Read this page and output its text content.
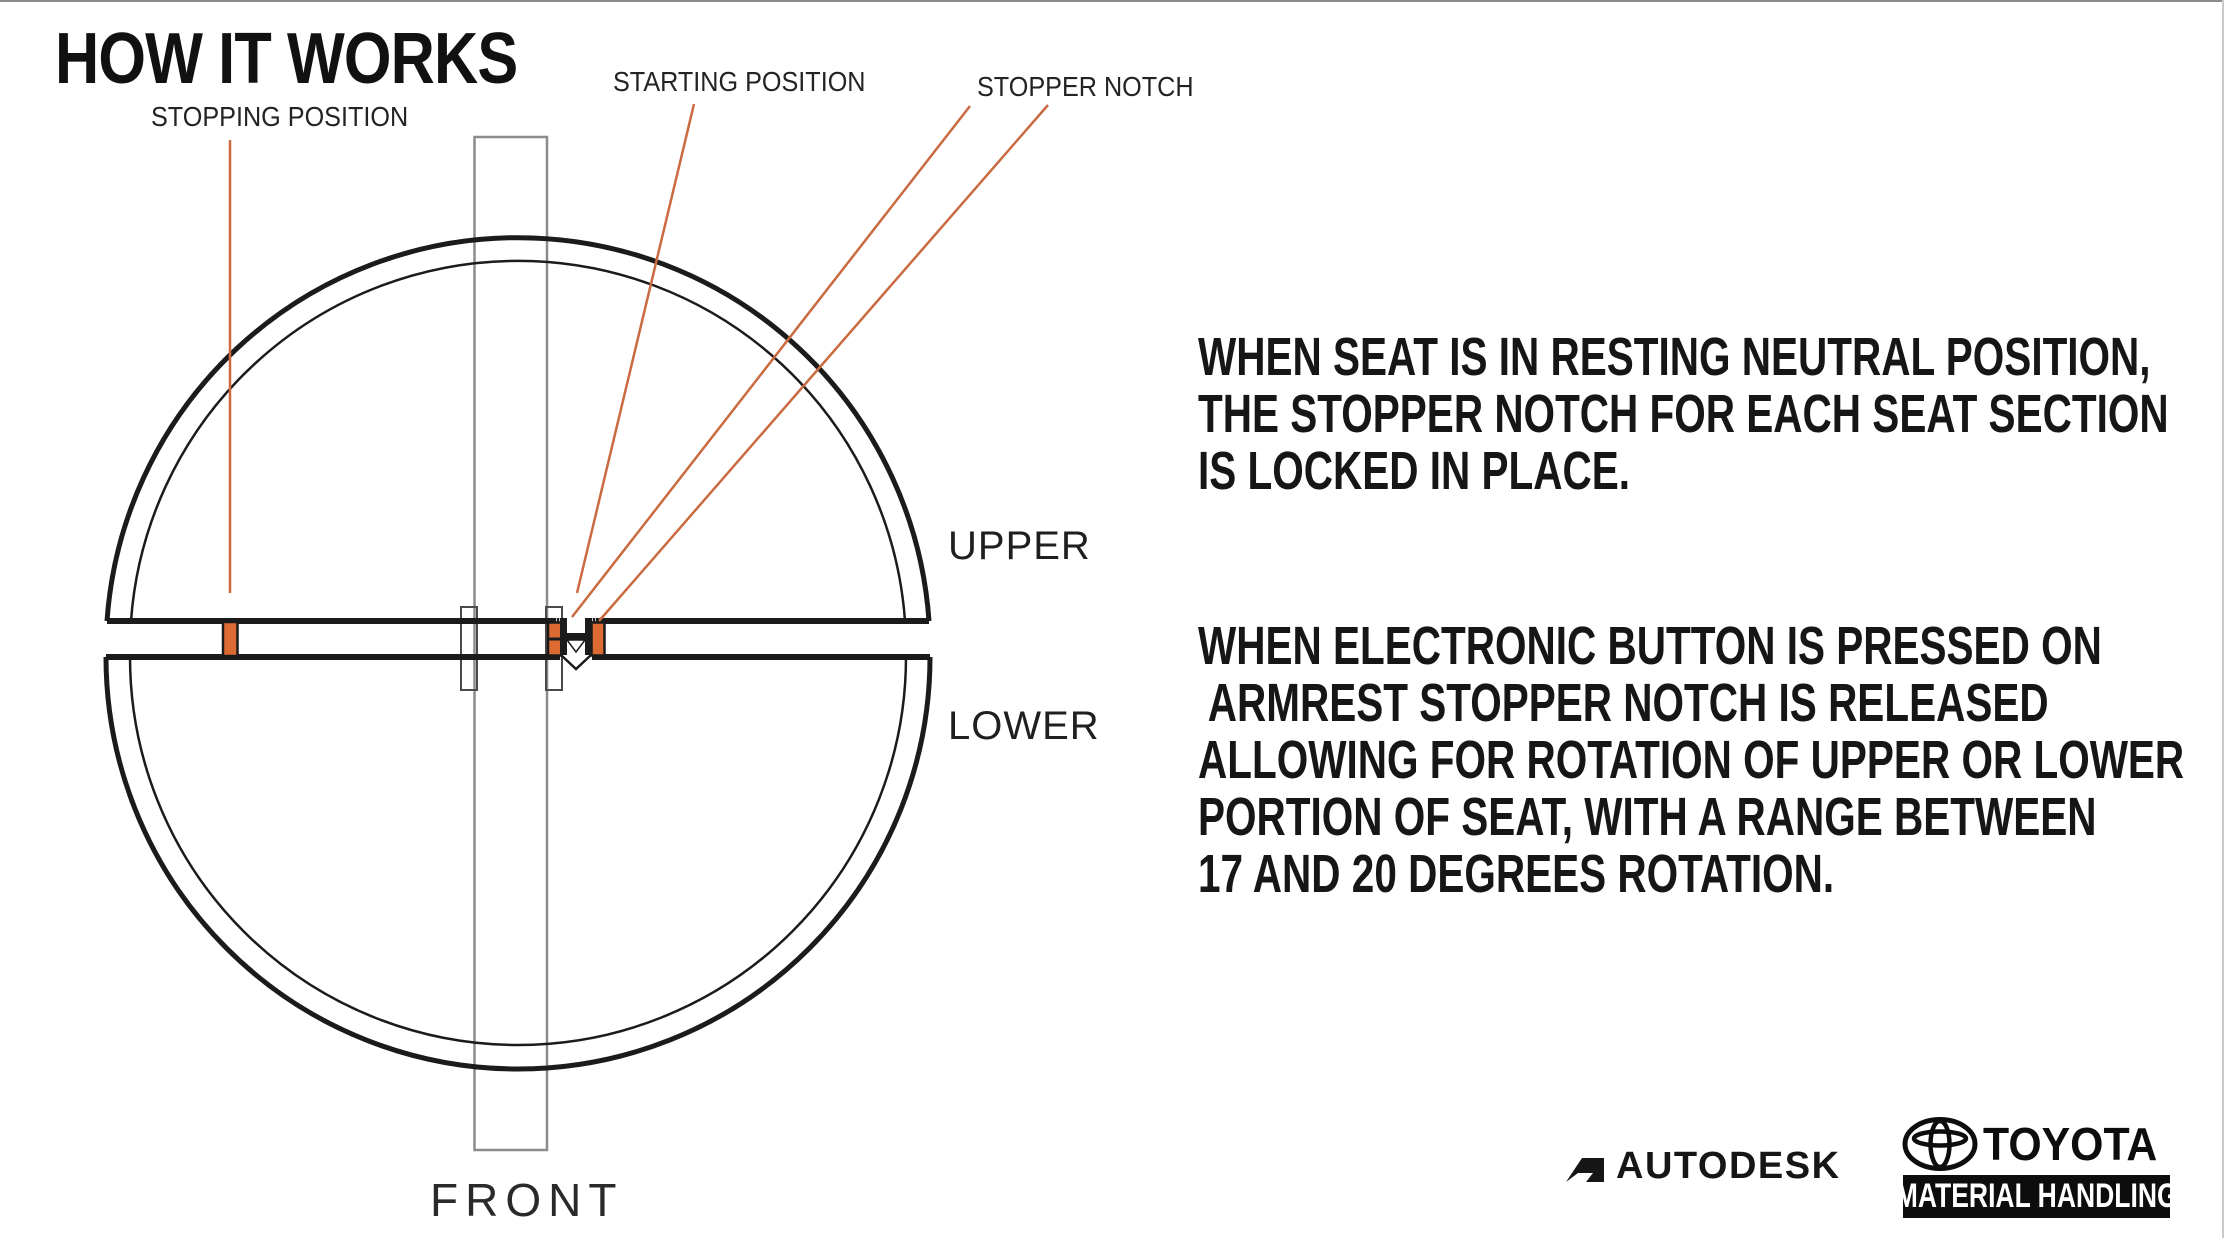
HOW IT WORKS
STOPPING POSITION
STARTING POSITION	STOPPER NOTCH
UPPER
LOWER
FRONT
WHEN SEAT IS IN RESTING NEUTRAL POSITION,
THE STOPPER NOTCH FOR EACH SEAT SECTION
IS LOCKED IN PLACE.
WHEN ELECTRONIC BUTTON IS PRESSED ON
ARMREST STOPPER NOTCH IS RELEASED
ALLOWING FOR ROTATION OF UPPER OR LOWER
PORTION OF SEAT, WITH A RANGE BETWEEN
17 AND 20 DEGREES ROTATION.
AUTODESK	TOYOTA
MATERIAL HANDLING
